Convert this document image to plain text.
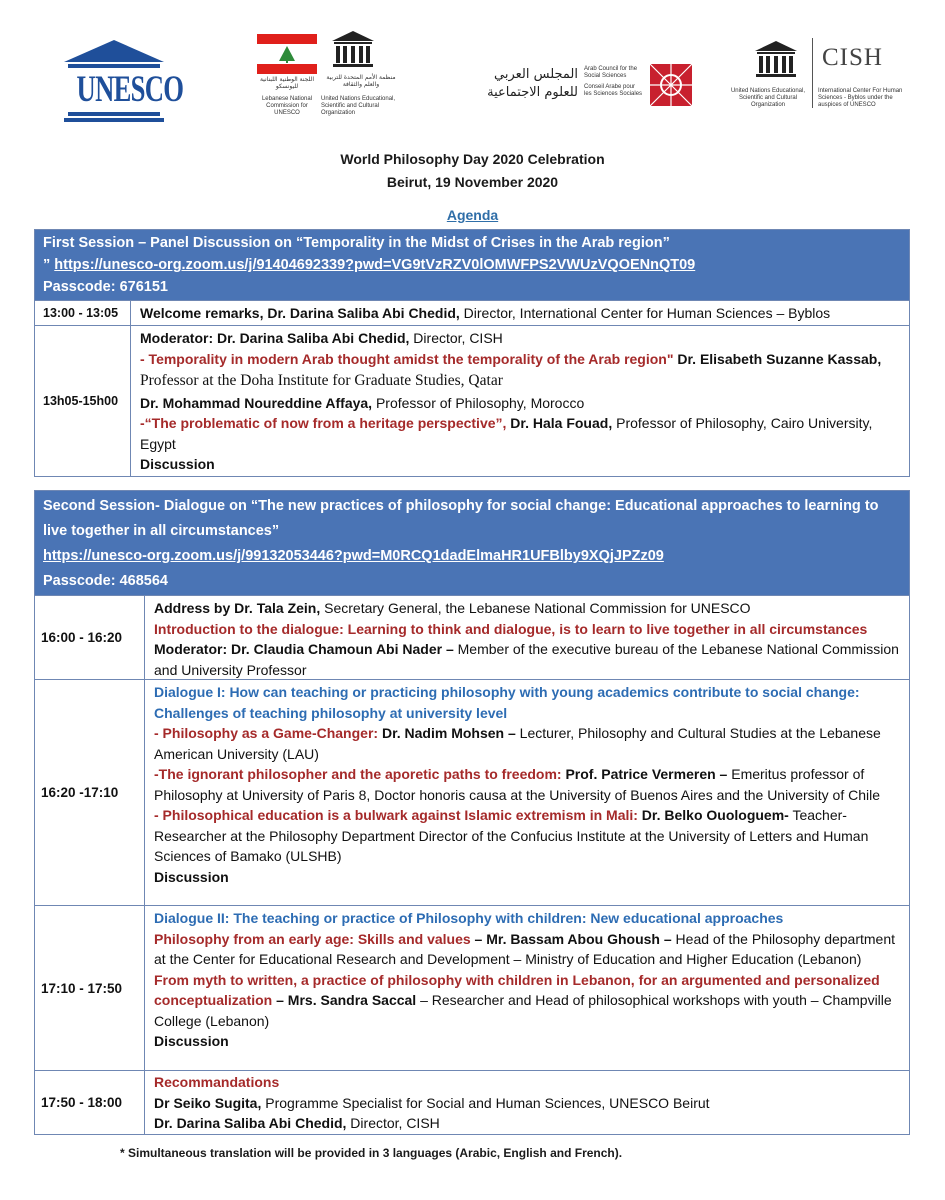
UNESCO	اللجنة الوطنية اللبنانية لليونسكو
Lebanese National Commission for UNESCO
منظمة الأمم المتحدة للتربية والعلم والثقافة
United Nations Educational, Scientific and Cultural Organization
المجلس العربي للعلوم الاجتماعية
Arab Council for the Social Sciences
Conseil Arabe pour les Sciences Sociales
CISH
United Nations Educational, Scientific and Cultural Organization
International Center For Human Sciences - Byblos under the auspices of UNESCO
World Philosophy Day 2020 Celebration
Beirut, 19 November 2020
Agenda
First Session – Panel Discussion on “Temporality in the Midst of Crises in the Arab region”
” https://unesco-org.zoom.us/j/91404692339?pwd=VG9tVzRZV0lOMWFPS2VWUzVQOENnQT09
Passcode: 676151
13:00 - 13:05	Welcome remarks, Dr. Darina Saliba Abi Chedid, Director, International Center for Human Sciences – Byblos
13h05-15h00
Moderator: Dr. Darina Saliba Abi Chedid, Director, CISH
- Temporality in modern Arab thought amidst the temporality of the Arab region" Dr. Elisabeth Suzanne Kassab, Professor at the Doha Institute for Graduate Studies, Qatar
Dr. Mohammad Noureddine Affaya, Professor of Philosophy, Morocco
-“The problematic of now from a heritage perspective”, Dr. Hala Fouad, Professor of Philosophy, Cairo University, Egypt
Discussion
Second Session- Dialogue on “The new practices of philosophy for social change: Educational approaches to learning to live together in all circumstances”
https://unesco-org.zoom.us/j/99132053446?pwd=M0RCQ1dadElmaHR1UFBlby9XQjJPZz09
Passcode: 468564
16:00 - 16:20
Address by Dr. Tala Zein, Secretary General, the Lebanese National Commission for UNESCO
Introduction to the dialogue: Learning to think and dialogue, is to learn to live together in all circumstances
Moderator: Dr. Claudia Chamoun Abi Nader – Member of the executive bureau of the Lebanese National Commission and University Professor
16:20 -17:10
Dialogue I: How can teaching or practicing philosophy with young academics contribute to social change: Challenges of teaching philosophy at university level
- Philosophy as a Game-Changer: Dr. Nadim Mohsen – Lecturer, Philosophy and Cultural Studies at the Lebanese American University (LAU)
-The ignorant philosopher and the aporetic paths to freedom: Prof. Patrice Vermeren – Emeritus professor of Philosophy at University of Paris 8, Doctor honoris causa at the University of Buenos Aires and the University of Chile
- Philosophical education is a bulwark against Islamic extremism in Mali: Dr. Belko Ouologuem- Teacher-Researcher at the Philosophy Department Director of the Confucius Institute at the University of Letters and Human Sciences of Bamako (ULSHB)
Discussion
17:10 - 17:50
Dialogue II: The teaching or practice of Philosophy with children: New educational approaches
Philosophy from an early age: Skills and values – Mr. Bassam Abou Ghoush – Head of the Philosophy department at the Center for Educational Research and Development – Ministry of Education and Higher Education (Lebanon)
From myth to written, a practice of philosophy with children in Lebanon, for an argumented and personalized conceptualization – Mrs. Sandra Saccal – Researcher and Head of philosophical workshops with youth – Champville College (Lebanon)
Discussion
17:50 - 18:00
Recommandations
Dr Seiko Sugita, Programme Specialist for Social and Human Sciences, UNESCO Beirut
Dr. Darina Saliba Abi Chedid, Director, CISH
* Simultaneous translation will be provided in 3 languages (Arabic, English and French).
